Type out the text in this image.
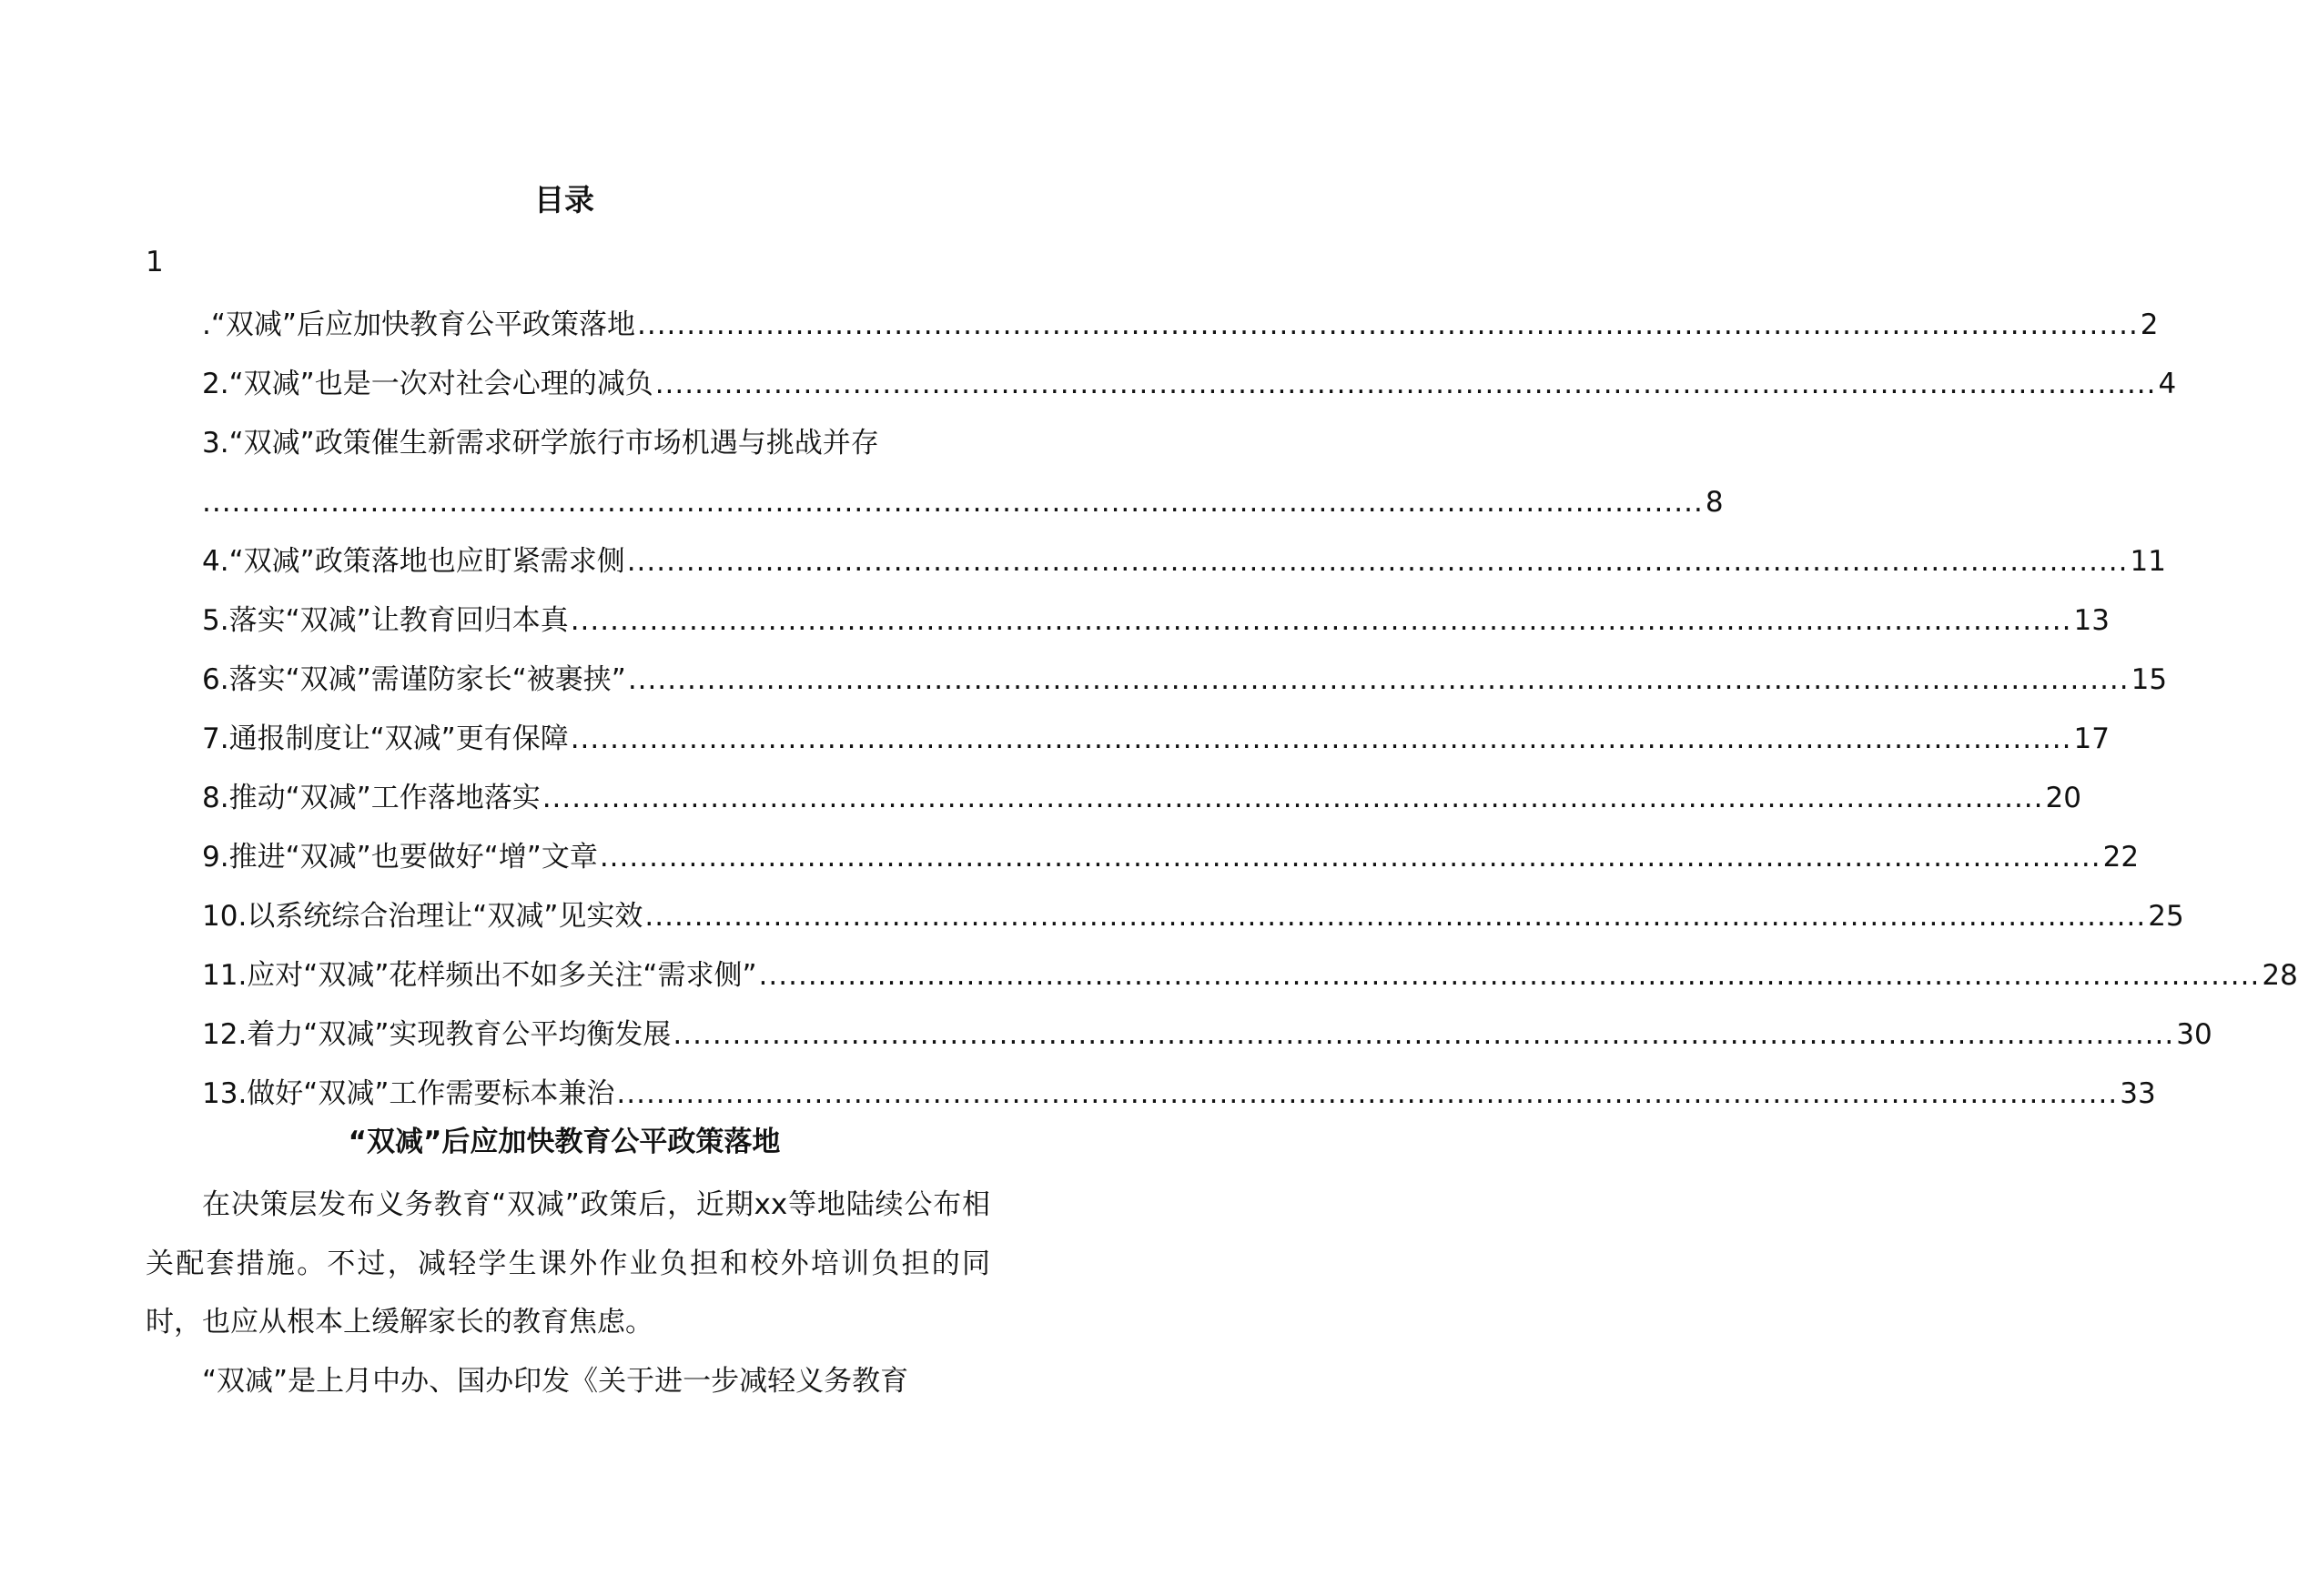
目录
1
.“双减”后应加快教育公平政策落地 ........................................................................................................................................................ 2
2.“双减”也是一次对社会心理的减负 ........................................................................................................................................................ 4
3.“双减”政策催生新需求研学旅行市场机遇与挑战并存
........................................................................................................................................................ 8
4.“双减”政策落地也应盯紧需求侧 ........................................................................................................................................................ 11
5.落实“双减”让教育回归本真 ........................................................................................................................................................ 13
6.落实“双减”需谨防家长“被裹挟” ........................................................................................................................................................ 15
7.通报制度让“双减”更有保障 ........................................................................................................................................................ 17
8.推动“双减”工作落地落实 ........................................................................................................................................................ 20
9.推进“双减”也要做好“增”文章 ........................................................................................................................................................ 22
10.以系统综合治理让“双减”见实效 ........................................................................................................................................................ 25
11.应对“双减”花样频出不如多关注“需求侧” ........................................................................................................................................................ 28
12.着力“双减”实现教育公平均衡发展 ........................................................................................................................................................ 30
13.做好“双减”工作需要标本兼治 ........................................................................................................................................................ 33
“双减”后应加快教育公平政策落地

在决策层发布义务教育“双减”政策后，近期xx等地陆续公布相关配套措施。不过，减轻学生课外作业负担和校外培训负担的同时，也应从根本上缓解家长的教育焦虑。

“双减”是上月中办、国办印发《关于进一步减轻义务教育
